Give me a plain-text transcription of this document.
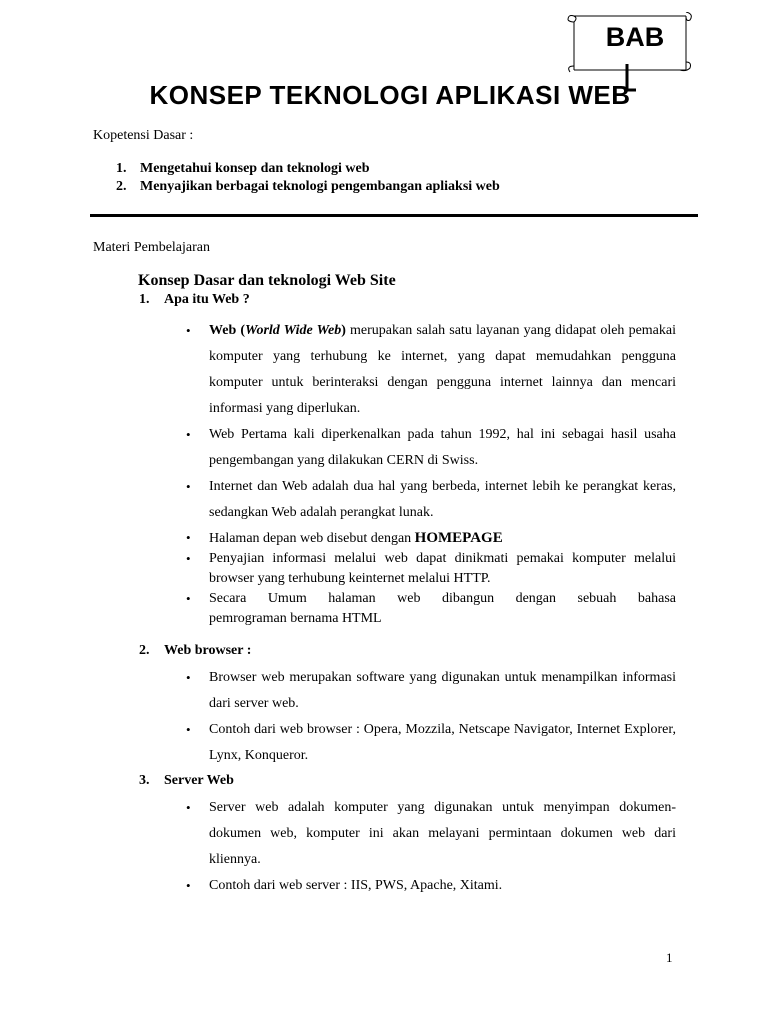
BAB
KONSEP TEKNOLOGI APLIKASI WEB
Kopetensi Dasar :
1. Mengetahui konsep dan teknologi web
2. Menyajikan berbagai teknologi pengembangan apliaksi web
Materi Pembelajaran
Konsep Dasar dan teknologi Web Site
1.	Apa itu Web ?
• Web (World Wide Web) merupakan salah satu layanan yang didapat oleh pemakai komputer yang terhubung ke internet, yang dapat memudahkan pengguna komputer untuk berinteraksi dengan pengguna internet lainnya dan mencari informasi yang diperlukan.
• Web Pertama kali diperkenalkan pada tahun 1992, hal ini sebagai hasil usaha pengembangan yang dilakukan CERN di Swiss.
• Internet dan Web adalah dua hal yang berbeda, internet lebih ke perangkat keras, sedangkan Web adalah perangkat lunak.
• Halaman depan web disebut dengan HOMEPAGE
• Penyajian informasi melalui web dapat dinikmati pemakai komputer melalui browser yang terhubung keinternet melalui HTTP.
• Secara Umum halaman web dibangun dengan sebuah bahasa
pemrograman bernama HTML
2.	Web browser :
• Browser web merupakan software yang digunakan untuk menampilkan informasi dari server web.
• Contoh dari web browser : Opera, Mozzila, Netscape Navigator, Internet Explorer, Lynx, Konqueror.
3.	Server Web
• Server web adalah komputer yang digunakan untuk menyimpan dokumen-dokumen web, komputer ini akan melayani permintaan dokumen web dari kliennya.
• Contoh dari web server : IIS, PWS, Apache, Xitami.
1
